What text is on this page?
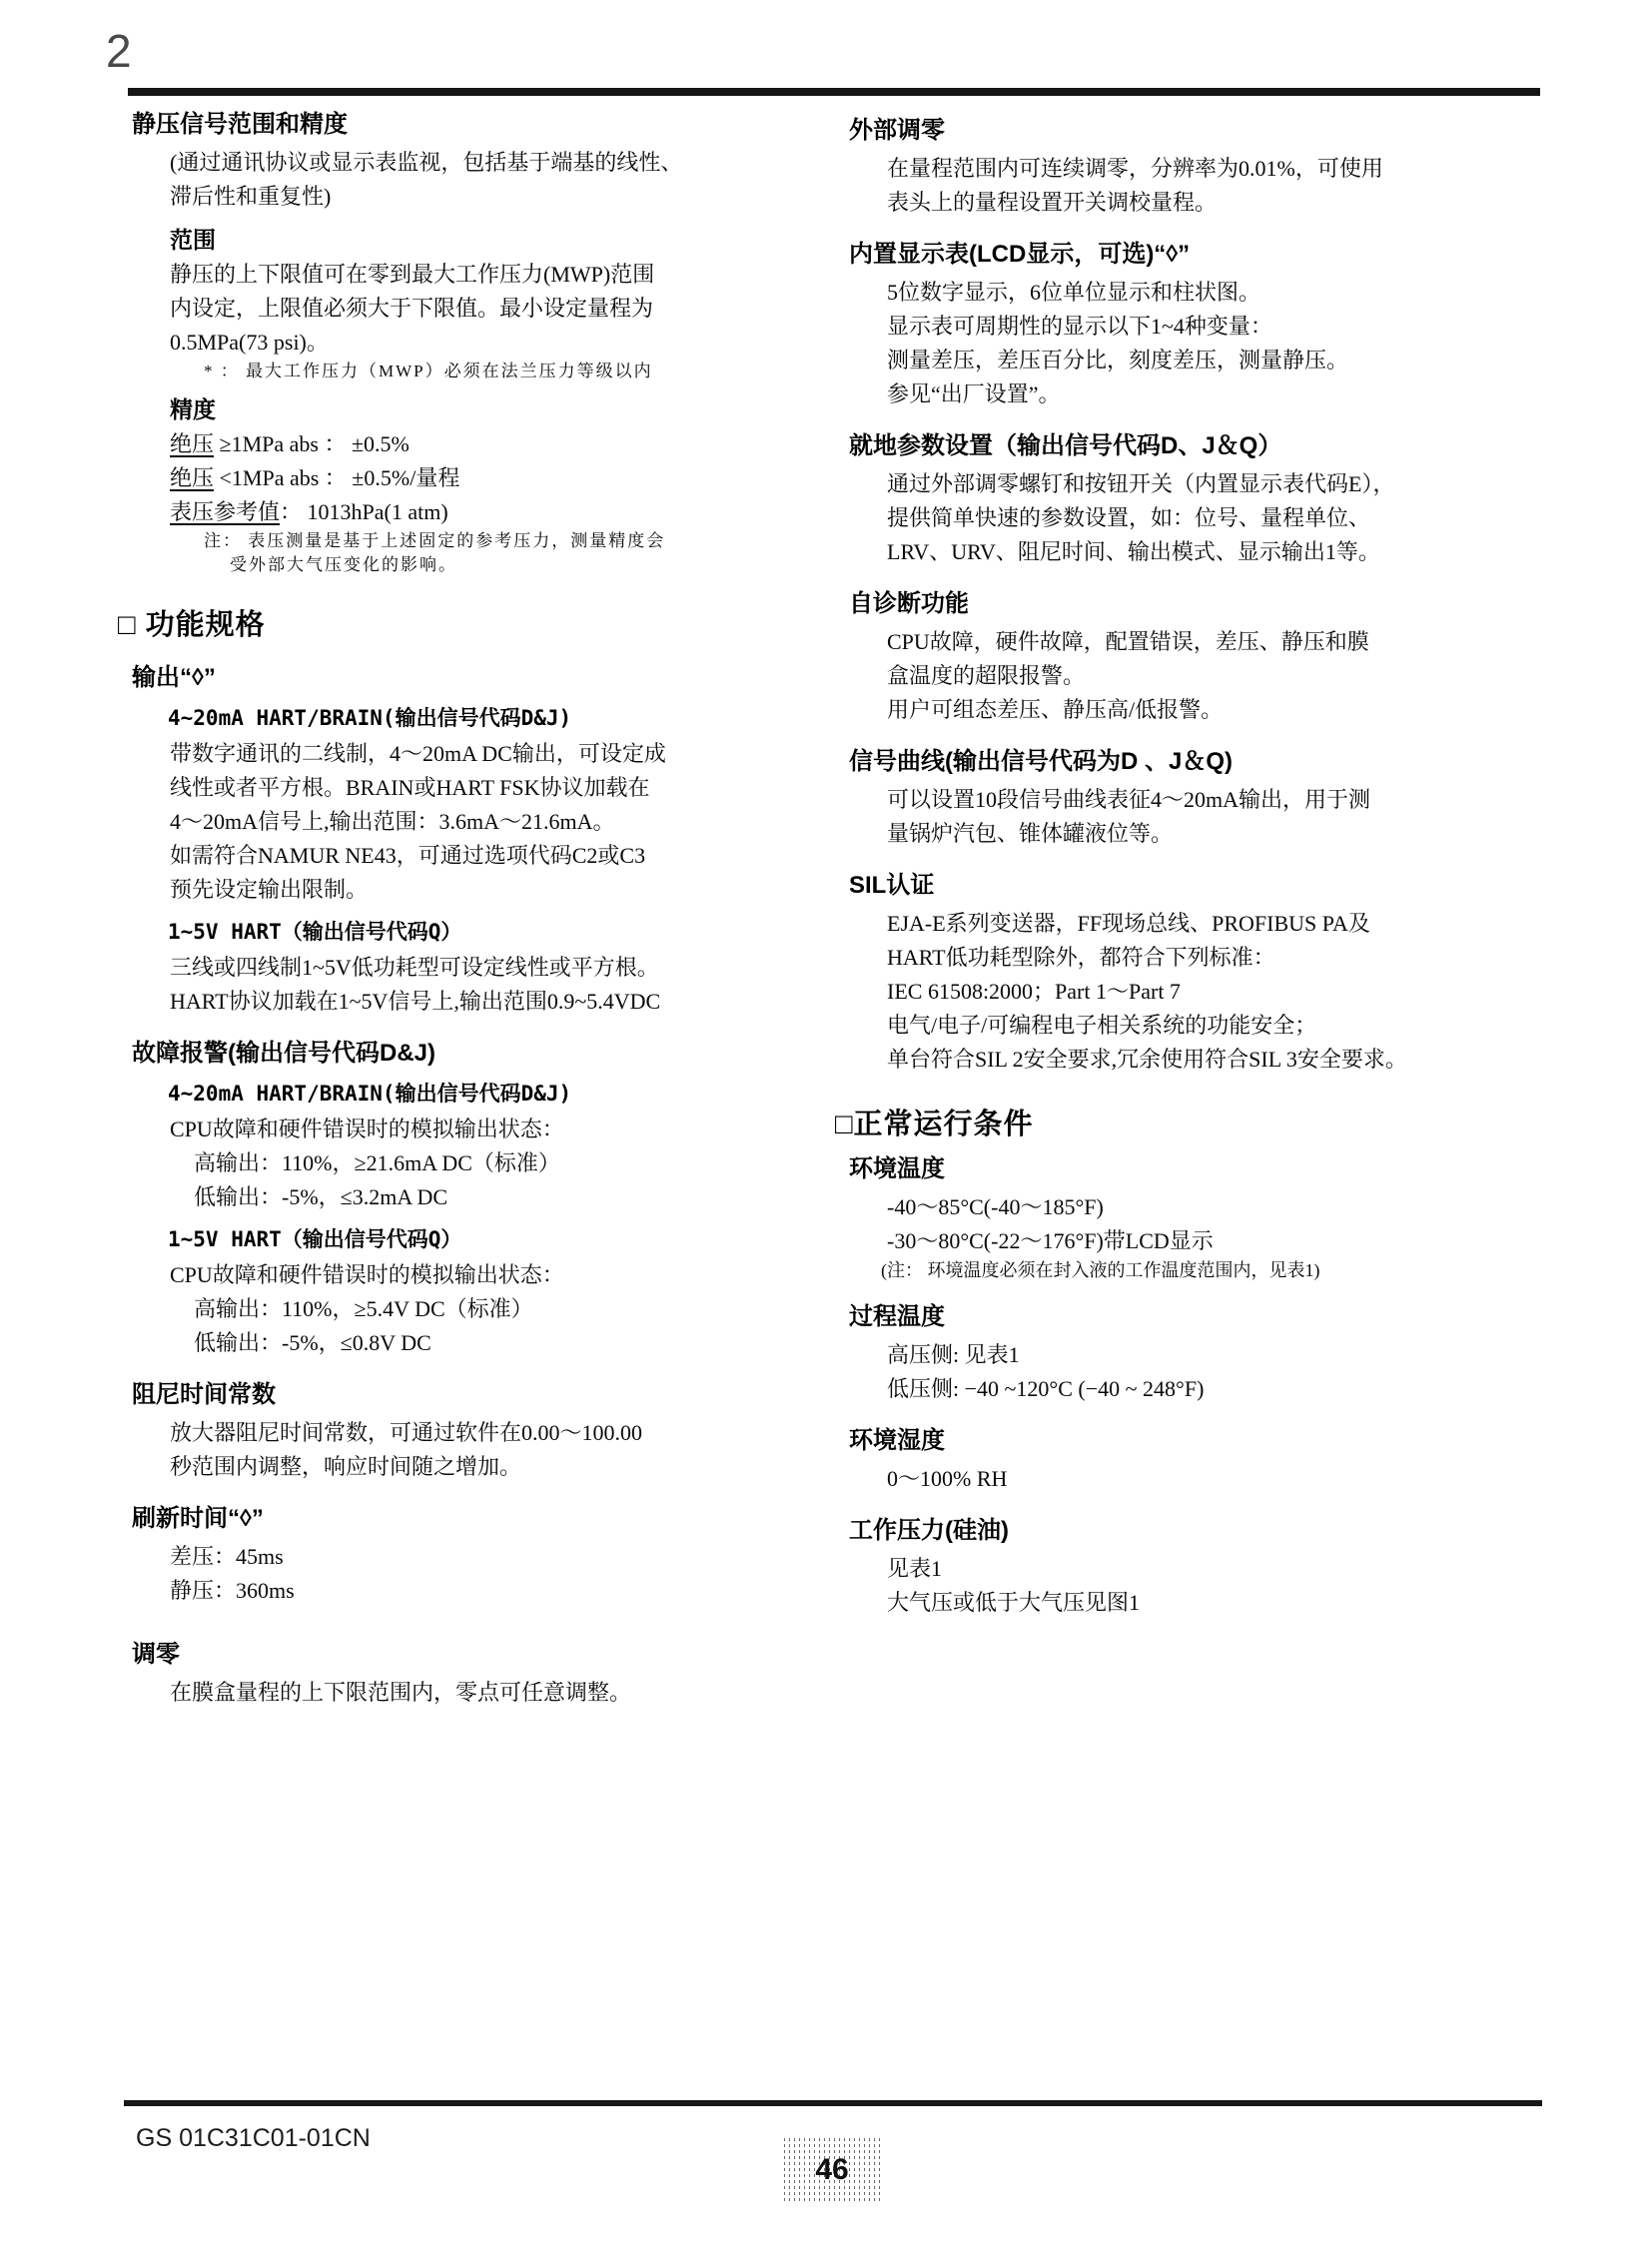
2
静压信号范围和精度
(通过通讯协议或显示表监视，包括基于端基的线性、
滞后性和重复性)
范围
静压的上下限值可在零到最大工作压力(MWP)范围
内设定，上限值必须大于下限值。最小设定量程为
0.5MPa(73 psi)。
* ： 最大工作压力（MWP）必须在法兰压力等级以内
精度
绝压 ≥1MPa abs ： ±0.5%
绝压 <1MPa abs ： ±0.5%/量程
表压参考值： 1013hPa(1 atm)
注： 表压测量是基于上述固定的参考压力，测量精度会
受外部大气压变化的影响。
□ 功能规格
输出“◊”
4~20mA HART/BRAIN(输出信号代码D&J)
带数字通讯的二线制，4～20mA DC输出，可设定成
线性或者平方根。BRAIN或HART FSK协议加载在
4～20mA信号上,输出范围：3.6mA～21.6mA。
如需符合NAMUR NE43，可通过选项代码C2或C3
预先设定输出限制。
1~5V HART（输出信号代码Q）
三线或四线制1~5V低功耗型可设定线性或平方根。
HART协议加载在1~5V信号上,输出范围0.9~5.4VDC
故障报警(输出信号代码D&J)
4~20mA HART/BRAIN(输出信号代码D&J)
CPU故障和硬件错误时的模拟输出状态：
高输出：110%，≥21.6mA DC（标准）
低输出：-5%，≤3.2mA DC
1~5V HART（输出信号代码Q）
CPU故障和硬件错误时的模拟输出状态：
高输出：110%，≥5.4V DC（标准）
低输出：-5%，≤0.8V DC
阻尼时间常数
放大器阻尼时间常数，可通过软件在0.00～100.00
秒范围内调整，响应时间随之增加。
刷新时间“◊”
差压：45ms
静压：360ms
调零
在膜盒量程的上下限范围内，零点可任意调整。
外部调零
在量程范围内可连续调零，分辨率为0.01%，可使用
表头上的量程设置开关调校量程。
内置显示表(LCD显示，可选)“◊”
5位数字显示，6位单位显示和柱状图。
显示表可周期性的显示以下1~4种变量：
测量差压，差压百分比，刻度差压，测量静压。
参见“出厂设置”。
就地参数设置（输出信号代码D、J＆Q）
通过外部调零螺钉和按钮开关（内置显示表代码E），
提供简单快速的参数设置，如：位号、量程单位、
LRV、URV、阻尼时间、输出模式、显示输出1等。
自诊断功能
CPU故障，硬件故障，配置错误，差压、静压和膜
盒温度的超限报警。
用户可组态差压、静压高/低报警。
信号曲线(输出信号代码为D 、J＆Q)
可以设置10段信号曲线表征4～20mA输出，用于测
量锅炉汽包、锥体罐液位等。
SIL认证
EJA-E系列变送器，FF现场总线、PROFIBUS PA及
HART低功耗型除外，都符合下列标准：
IEC 61508:2000；Part 1～Part 7
电气/电子/可编程电子相关系统的功能安全；
单台符合SIL 2安全要求,冗余使用符合SIL 3安全要求。
□正常运行条件
环境温度
-40～85°C(-40～185°F)
-30～80°C(-22～176°F)带LCD显示
(注： 环境温度必须在封入液的工作温度范围内，见表1)
过程温度
高压侧: 见表1
低压侧: −40 ~120°C (−40 ~ 248°F)
环境湿度
0～100% RH
工作压力(硅油)
见表1
大气压或低于大气压见图1
GS 01C31C01-01CN
46
